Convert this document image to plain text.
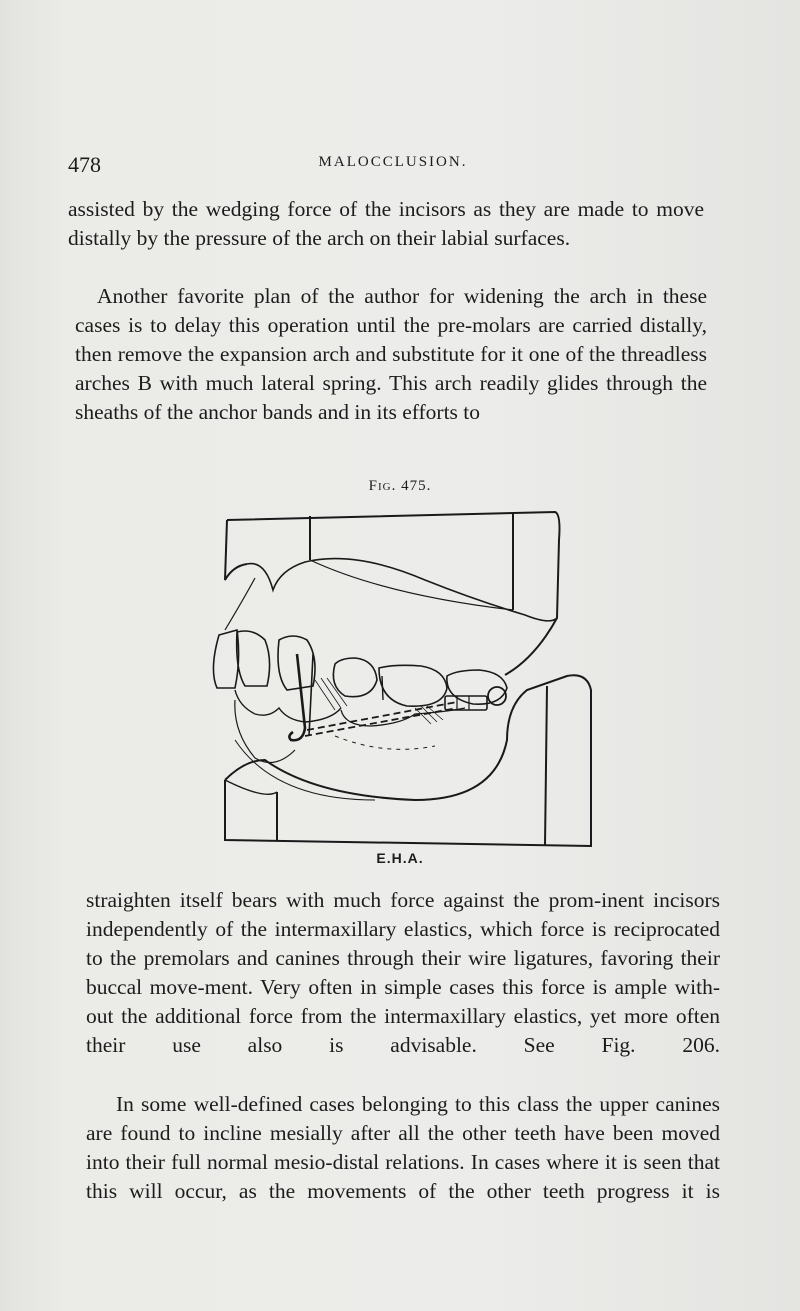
478	MALOCCLUSION.

assisted by the wedging force of the incisors as they are made to move distally by the pressure of the arch on their labial surfaces.

Another favorite plan of the author for widening the arch in these cases is to delay this operation until the pre-molars are carried distally, then remove the expansion arch and substitute for it one of the threadless arches B with much lateral spring. This arch readily glides through the sheaths of the anchor bands and in its efforts to

Fig. 475.
E.H.A.

straighten itself bears with much force against the prom-inent incisors independently of the intermaxillary elastics, which force is reciprocated to the premolars and canines through their wire ligatures, favoring their buccal move-ment. Very often in simple cases this force is ample with-out the additional force from the intermaxillary elastics, yet more often their use also is advisable. See Fig. 206.

In some well-defined cases belonging to this class the upper canines are found to incline mesially after all the other teeth have been moved into their full normal mesio-distal relations. In cases where it is seen that this will occur, as the movements of the other teeth progress it is
